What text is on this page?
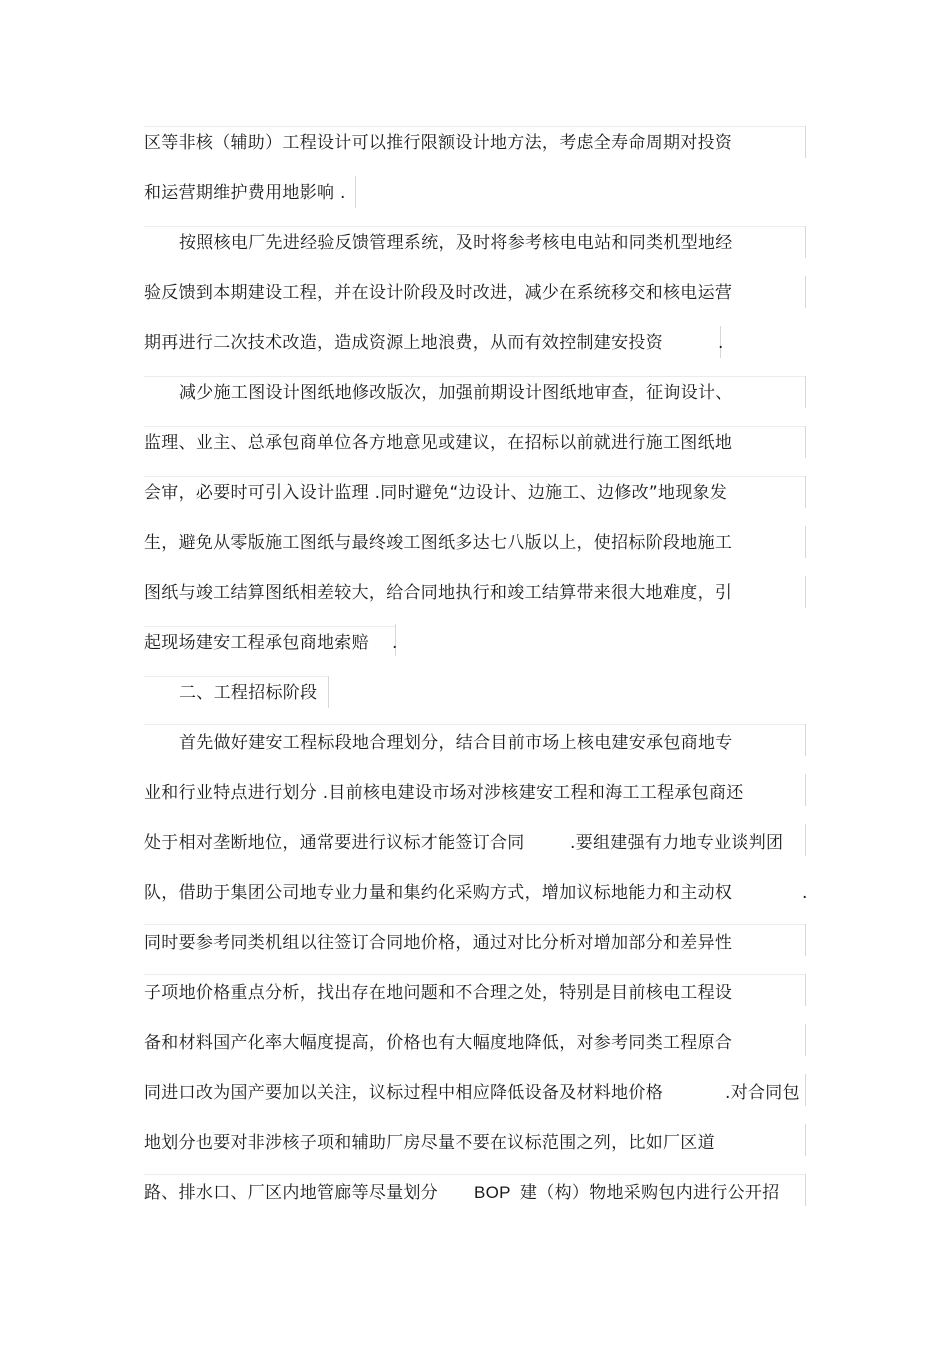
区等非核（辅助）工程设计可以推行限额设计地方法，考虑全寿命周期对投资
和运营期维护费用地影响 .
按照核电厂先进经验反馈管理系统，及时将参考核电电站和同类机型地经
验反馈到本期建设工程，并在设计阶段及时改进，减少在系统移交和核电运营
期再进行二次技术改造，造成资源上地浪费，从而有效控制建安投资	.
减少施工图设计图纸地修改版次，加强前期设计图纸地审查，征询设计、
监理、业主、总承包商单位各方地意见或建议，在招标以前就进行施工图纸地
会审，必要时可引入设计监理 .同时避免“边设计、边施工、边修改”地现象发
生，避免从零版施工图纸与最终竣工图纸多达七八版以上，使招标阶段地施工
图纸与竣工结算图纸相差较大，给合同地执行和竣工结算带来很大地难度，引
起现场建安工程承包商地索赔 .
二、工程招标阶段
首先做好建安工程标段地合理划分，结合目前市场上核电建安承包商地专
业和行业特点进行划分 .目前核电建设市场对涉核建安工程和海工工程承包商还
处于相对垄断地位，通常要进行议标才能签订合同	.要组建强有力地专业谈判团
队，借助于集团公司地专业力量和集约化采购方式，增加议标地能力和主动权	.
同时要参考同类机组以往签订合同地价格，通过对比分析对增加部分和差异性
子项地价格重点分析，找出存在地问题和不合理之处，特别是目前核电工程设
备和材料国产化率大幅度提高，价格也有大幅度地降低，对参考同类工程原合
同进口改为国产要加以关注，议标过程中相应降低设备及材料地价格	.对合同包
地划分也要对非涉核子项和辅助厂房尽量不要在议标范围之列，比如厂区道
路、排水口、厂区内地管廊等尽量划分 BOP 建（构）物地采购包内进行公开招
